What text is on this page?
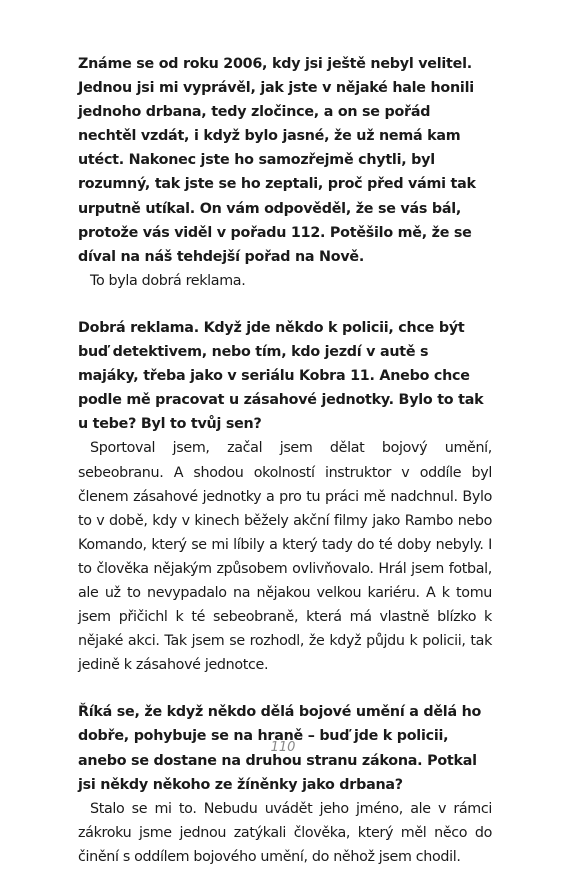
Známe se od roku 2006, kdy jsi ještě nebyl velitel. Jednou jsi mi vyprávěl, jak jste v nějaké hale honili jednoho drbana, tedy zločince, a on se pořád nechtěl vzdát, i když bylo jasné, že už nemá kam utéct. Nakonec jste ho samozřejmě chytli, byl rozumný, tak jste se ho zeptali, proč před vámi tak urputně utíkal. On vám odpověděl, že se vás bál, protože vás viděl v pořadu 112. Potěšilo mě, že se díval na náš tehdejší pořad na Nově.

To byla dobrá reklama.

Dobrá reklama. Když jde někdo k policii, chce být buď detektivem, nebo tím, kdo jezdí v autě s majáky, třeba jako v seriálu Kobra 11. Anebo chce podle mě pracovat u zásahové jednotky. Bylo to tak u tebe? Byl to tvůj sen?

Sportoval jsem, začal jsem dělat bojový umění, sebeobranu. A shodou okolností instruktor v oddíle byl členem zásahové jednotky a pro tu práci mě nadchnul. Bylo to v době, kdy v kinech běžely akční filmy jako Rambo nebo Komando, který se mi líbily a který tady do té doby nebyly. I to člověka nějakým způsobem ovlivňovalo. Hrál jsem fotbal, ale už to nevypadalo na nějakou velkou kariéru. A k tomu jsem přičichl k té sebeobraně, která má vlastně blízko k nějaké akci. Tak jsem se rozhodl, že když půjdu k policii, tak jedině k zásahové jednotce.

Říká se, že když někdo dělá bojové umění a dělá ho dobře, pohybuje se na hraně – buď jde k policii, anebo se dostane na druhou stranu zákona. Potkal jsi někdy někoho ze žíněnky jako drbana?

Stalo se mi to. Nebudu uvádět jeho jméno, ale v rámci zákroku jsme jednou zatýkali člověka, který měl něco do činění s oddílem bojového umění, do něhož jsem chodil.

110
